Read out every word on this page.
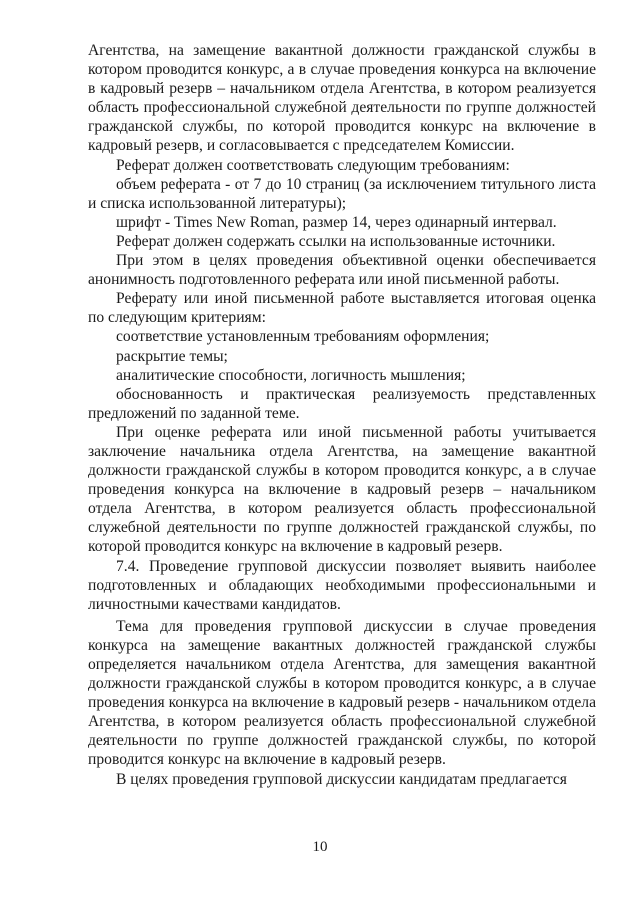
Агентства, на замещение вакантной должности гражданской службы в котором проводится конкурс, а в случае проведения конкурса на включение в кадровый резерв – начальником отдела Агентства, в котором реализуется область профессиональной служебной деятельности по группе должностей гражданской службы, по которой проводится конкурс на включение в кадровый резерв, и согласовывается с председателем Комиссии.

Реферат должен соответствовать следующим требованиям:

объем реферата - от 7 до 10 страниц (за исключением титульного листа и списка использованной литературы);

шрифт - Times New Roman, размер 14, через одинарный интервал.

Реферат должен содержать ссылки на использованные источники.

При этом в целях проведения объективной оценки обеспечивается анонимность подготовленного реферата или иной письменной работы.

Реферату или иной письменной работе выставляется итоговая оценка по следующим критериям:

соответствие установленным требованиям оформления;

раскрытие темы;

аналитические способности, логичность мышления;

обоснованность и практическая реализуемость представленных предложений по заданной теме.

При оценке реферата или иной письменной работы учитывается заключение начальника отдела Агентства, на замещение вакантной должности гражданской службы в котором проводится конкурс, а в случае проведения конкурса на включение в кадровый резерв – начальником отдела Агентства, в котором реализуется область профессиональной служебной деятельности по группе должностей гражданской службы, по которой проводится конкурс на включение в кадровый резерв.

7.4. Проведение групповой дискуссии позволяет выявить наиболее подготовленных и обладающих необходимыми профессиональными и личностными качествами кандидатов.

Тема для проведения групповой дискуссии в случае проведения конкурса на замещение вакантных должностей гражданской службы определяется начальником отдела Агентства, для замещения вакантной должности гражданской службы в котором проводится конкурс, а в случае проведения конкурса на включение в кадровый резерв - начальником отдела Агентства, в котором реализуется область профессиональной служебной деятельности по группе должностей гражданской службы, по которой проводится конкурс на включение в кадровый резерв.

В целях проведения групповой дискуссии кандидатам предлагается

10
